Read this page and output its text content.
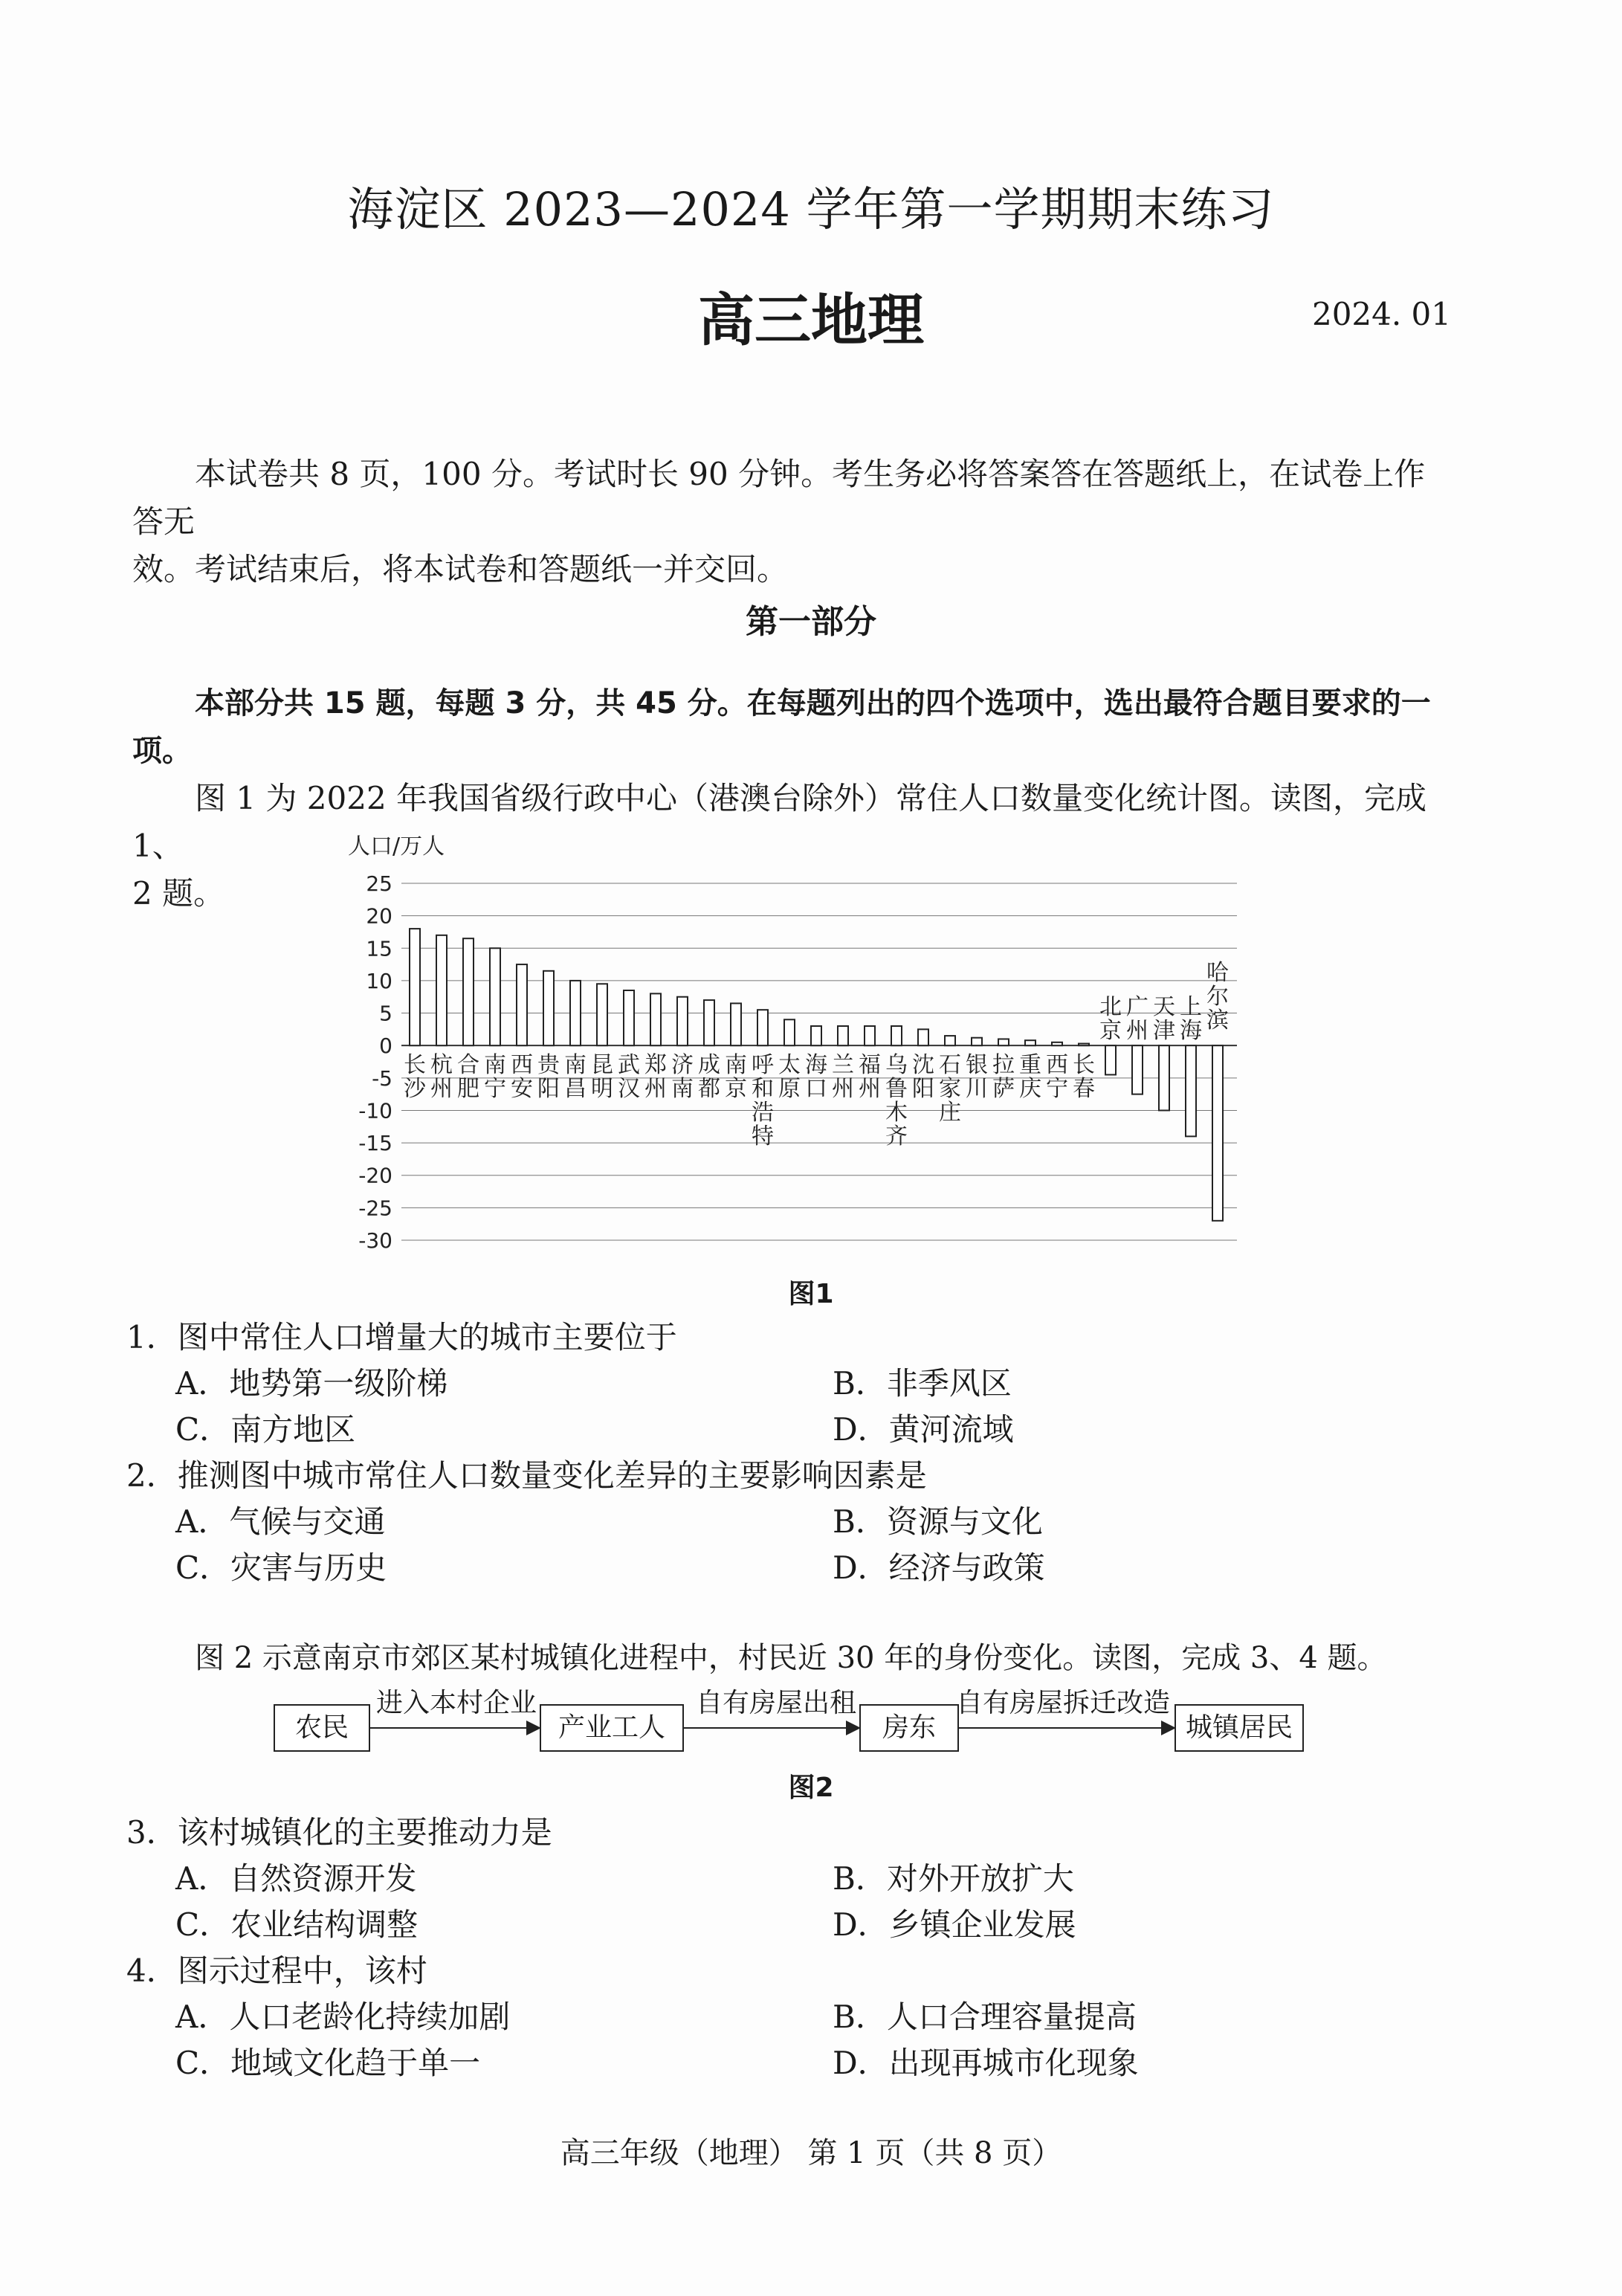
海淀区 2023—2024 学年第一学期期末练习
高三地理	2024. 01
本试卷共 8 页，100 分。考试时长 90 分钟。考生务必将答案答在答题纸上，在试卷上作答无
效。考试结束后，将本试卷和答题纸一并交回。
第一部分
本部分共 15 题，每题 3 分，共 45 分。在每题列出的四个选项中，选出最符合题目要求的一项。
图 1 为 2022 年我国省级行政中心（港澳台除外）常住人口数量变化统计图。读图，完成 1、
2 题。
人口/万人
25
20
15
10
5
0
-5
-10
-15
-20
-25
-30
长沙
杭州
合肥
南宁
西安
贵阳
南昌
昆明
武汉
郑州
济南
成都
南京
呼和浩特
太原
海口
兰州
福州
乌鲁木齐
沈阳
石家庄
银川
拉萨
重庆
西宁
长春
北京
广州
天津
上海
哈尔滨
图1
1．图中常住人口增量大的城市主要位于
A．地势第一级阶梯	B．非季风区
C．南方地区	D．黄河流域
2．推测图中城市常住人口数量变化差异的主要影响因素是
A．气候与交通	B．资源与文化
C．灾害与历史	D．经济与政策
图 2 示意南京市郊区某村城镇化进程中，村民近 30 年的身份变化。读图，完成 3、4 题。
农民	产业工人	房东	城镇居民
进入本村企业	自有房屋出租	自有房屋拆迁改造
图2
3．该村城镇化的主要推动力是
A．自然资源开发	B．对外开放扩大
C．农业结构调整	D．乡镇企业发展
4．图示过程中，该村
A．人口老龄化持续加剧	B．人口合理容量提高
C．地域文化趋于单一	D．出现再城市化现象
高三年级（地理） 第 1 页（共 8 页）
